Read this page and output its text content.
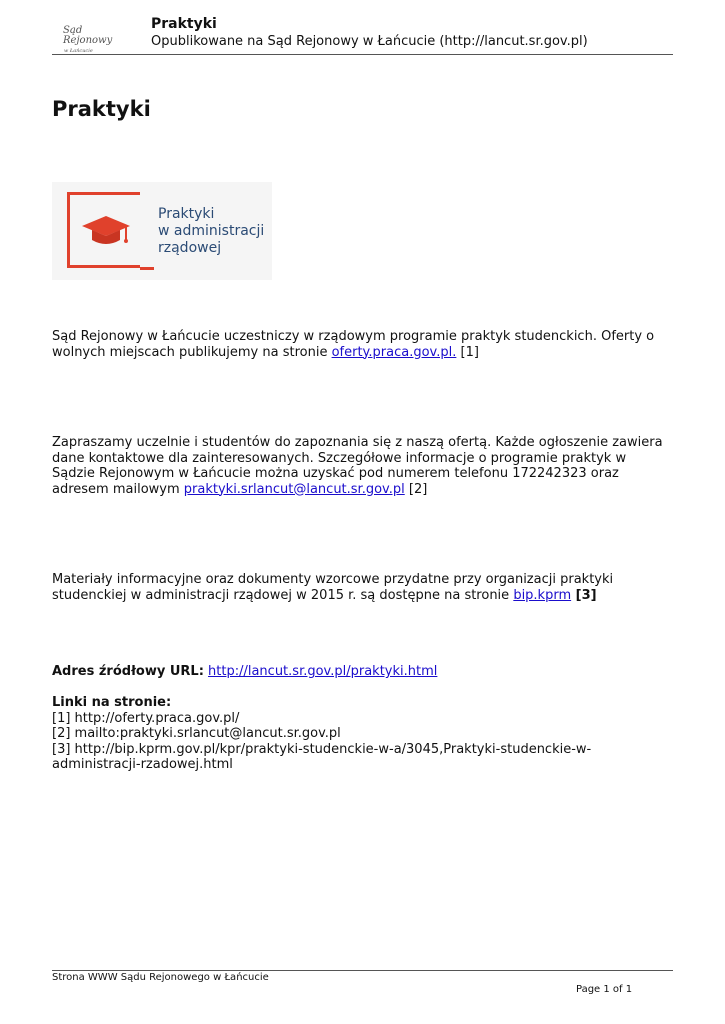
Sąd Rejonowy
w Łańcucie
Praktyki
Opublikowane na Sąd Rejonowy w Łańcucie (http://lancut.sr.gov.pl)
Praktyki
Praktyki
w administracji
rządowej

Sąd Rejonowy w Łańcucie uczestniczy w rządowym programie praktyk studenckich. Oferty o wolnych miejscach publikujemy na stronie oferty.praca.gov.pl. [1]

Zapraszamy uczelnie i studentów do zapoznania się z naszą ofertą. Każde ogłoszenie zawiera dane kontaktowe dla zainteresowanych. Szczegółowe informacje o programie praktyk w Sądzie Rejonowym w Łańcucie można uzyskać pod numerem telefonu 172242323 oraz adresem mailowym praktyki.srlancut@lancut.sr.gov.pl [2]

Materiały informacyjne oraz dokumenty wzorcowe przydatne przy organizacji praktyki studenckiej w administracji rządowej w 2015 r. są dostępne na stronie bip.kprm [3]

Adres źródłowy URL: http://lancut.sr.gov.pl/praktyki.html

Linki na stronie:
[1] http://oferty.praca.gov.pl/
[2] mailto:praktyki.srlancut@lancut.sr.gov.pl
[3] http://bip.kprm.gov.pl/kpr/praktyki-studenckie-w-a/3045,Praktyki-studenckie-w-administracji-rzadowej.html
Strona WWW Sądu Rejonowego w Łańcucie
Page 1 of 1
